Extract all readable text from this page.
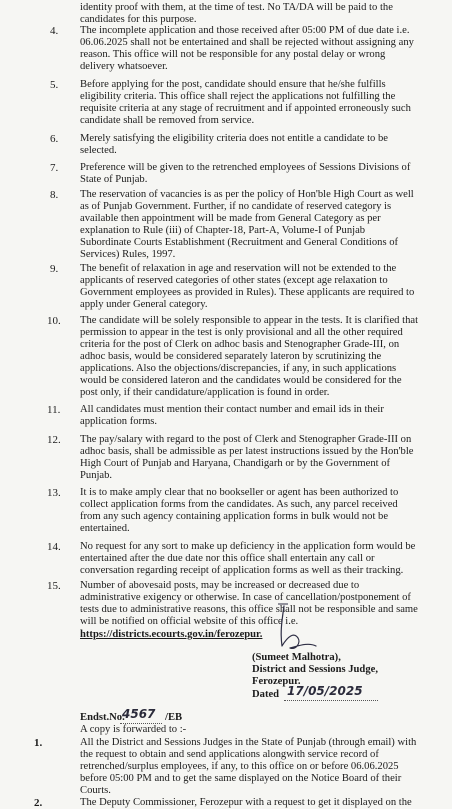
identity proof with them, at the time of test. No TA/DA will be paid to the
candidates for this purpose.
4. The incomplete application and those received after 05:00 PM of due date i.e.
06.06.2025 shall not be entertained and shall be rejected without assigning any
reason. This office will not be responsible for any postal delay or wrong
delivery whatsoever.
5. Before applying for the post, candidate should ensure that he/she fulfills
eligibility criteria. This office shall reject the applications not fulfilling the
requisite criteria at any stage of recruitment and if appointed erroneously such
candidate shall be removed from service.
6. Merely satisfying the eligibility criteria does not entitle a candidate to be
selected.
7. Preference will be given to the retrenched employees of Sessions Divisions of
State of Punjab.
8. The reservation of vacancies is as per the policy of Hon'ble High Court as well
as of Punjab Government. Further, if no candidate of reserved category is
available then appointment will be made from General Category as per
explanation to Rule (iii) of Chapter-18, Part-A, Volume-I of Punjab
Subordinate Courts Establishment (Recruitment and General Conditions of
Services) Rules, 1997.
9. The benefit of relaxation in age and reservation will not be extended to the
applicants of reserved categories of other states (except age relaxation to
Government employees as provided in Rules). These applicants are required to
apply under General category.
10. The candidate will be solely responsible to appear in the tests. It is clarified that
permission to appear in the test is only provisional and all the other required
criteria for the post of Clerk on adhoc basis and Stenographer Grade-III, on
adhoc basis, would be considered separately lateron by scrutinizing the
applications. Also the objections/discrepancies, if any, in such applications
would be considered lateron and the candidates would be considered for the
post only, if their candidature/application is found in order.
11. All candidates must mention their contact number and email ids in their
application forms.
12. The pay/salary with regard to the post of Clerk and Stenographer Grade-III on
adhoc basis, shall be admissible as per latest instructions issued by the Hon'ble
High Court of Punjab and Haryana, Chandigarh or by the Government of
Punjab.
13. It is to make amply clear that no bookseller or agent has been authorized to
collect application forms from the candidates. As such, any parcel received
from any such agency containing application forms in bulk would not be
entertained.
14. No request for any sort to make up deficiency in the application form would be
entertained after the due date nor this office shall entertain any call or
conversation regarding receipt of application forms as well as their tracking.
15. Number of abovesaid posts, may be increased or decreased due to
administrative exigency or otherwise. In case of cancellation/postponement of
tests due to administrative reasons, this office shall not be responsible and same
will be notified on official website of this office i.e.
https://districts.ecourts.gov.in/ferozepur.
(Sumeet Malhotra),
District and Sessions Judge,
Ferozepur.
Dated 17/05/2025
Endst.No.
4567 /EB
A copy is forwarded to :-
1.	All the District and Sessions Judges in the State of Punjab (through email) with
the request to obtain and send applications alongwith service record of
retrenched/surplus employees, if any, to this office on or before 06.06.2025
before 05:00 PM and to get the same displayed on the Notice Board of their
Courts.
2.	The Deputy Commissioner, Ferozepur with a request to get it displayed on the
